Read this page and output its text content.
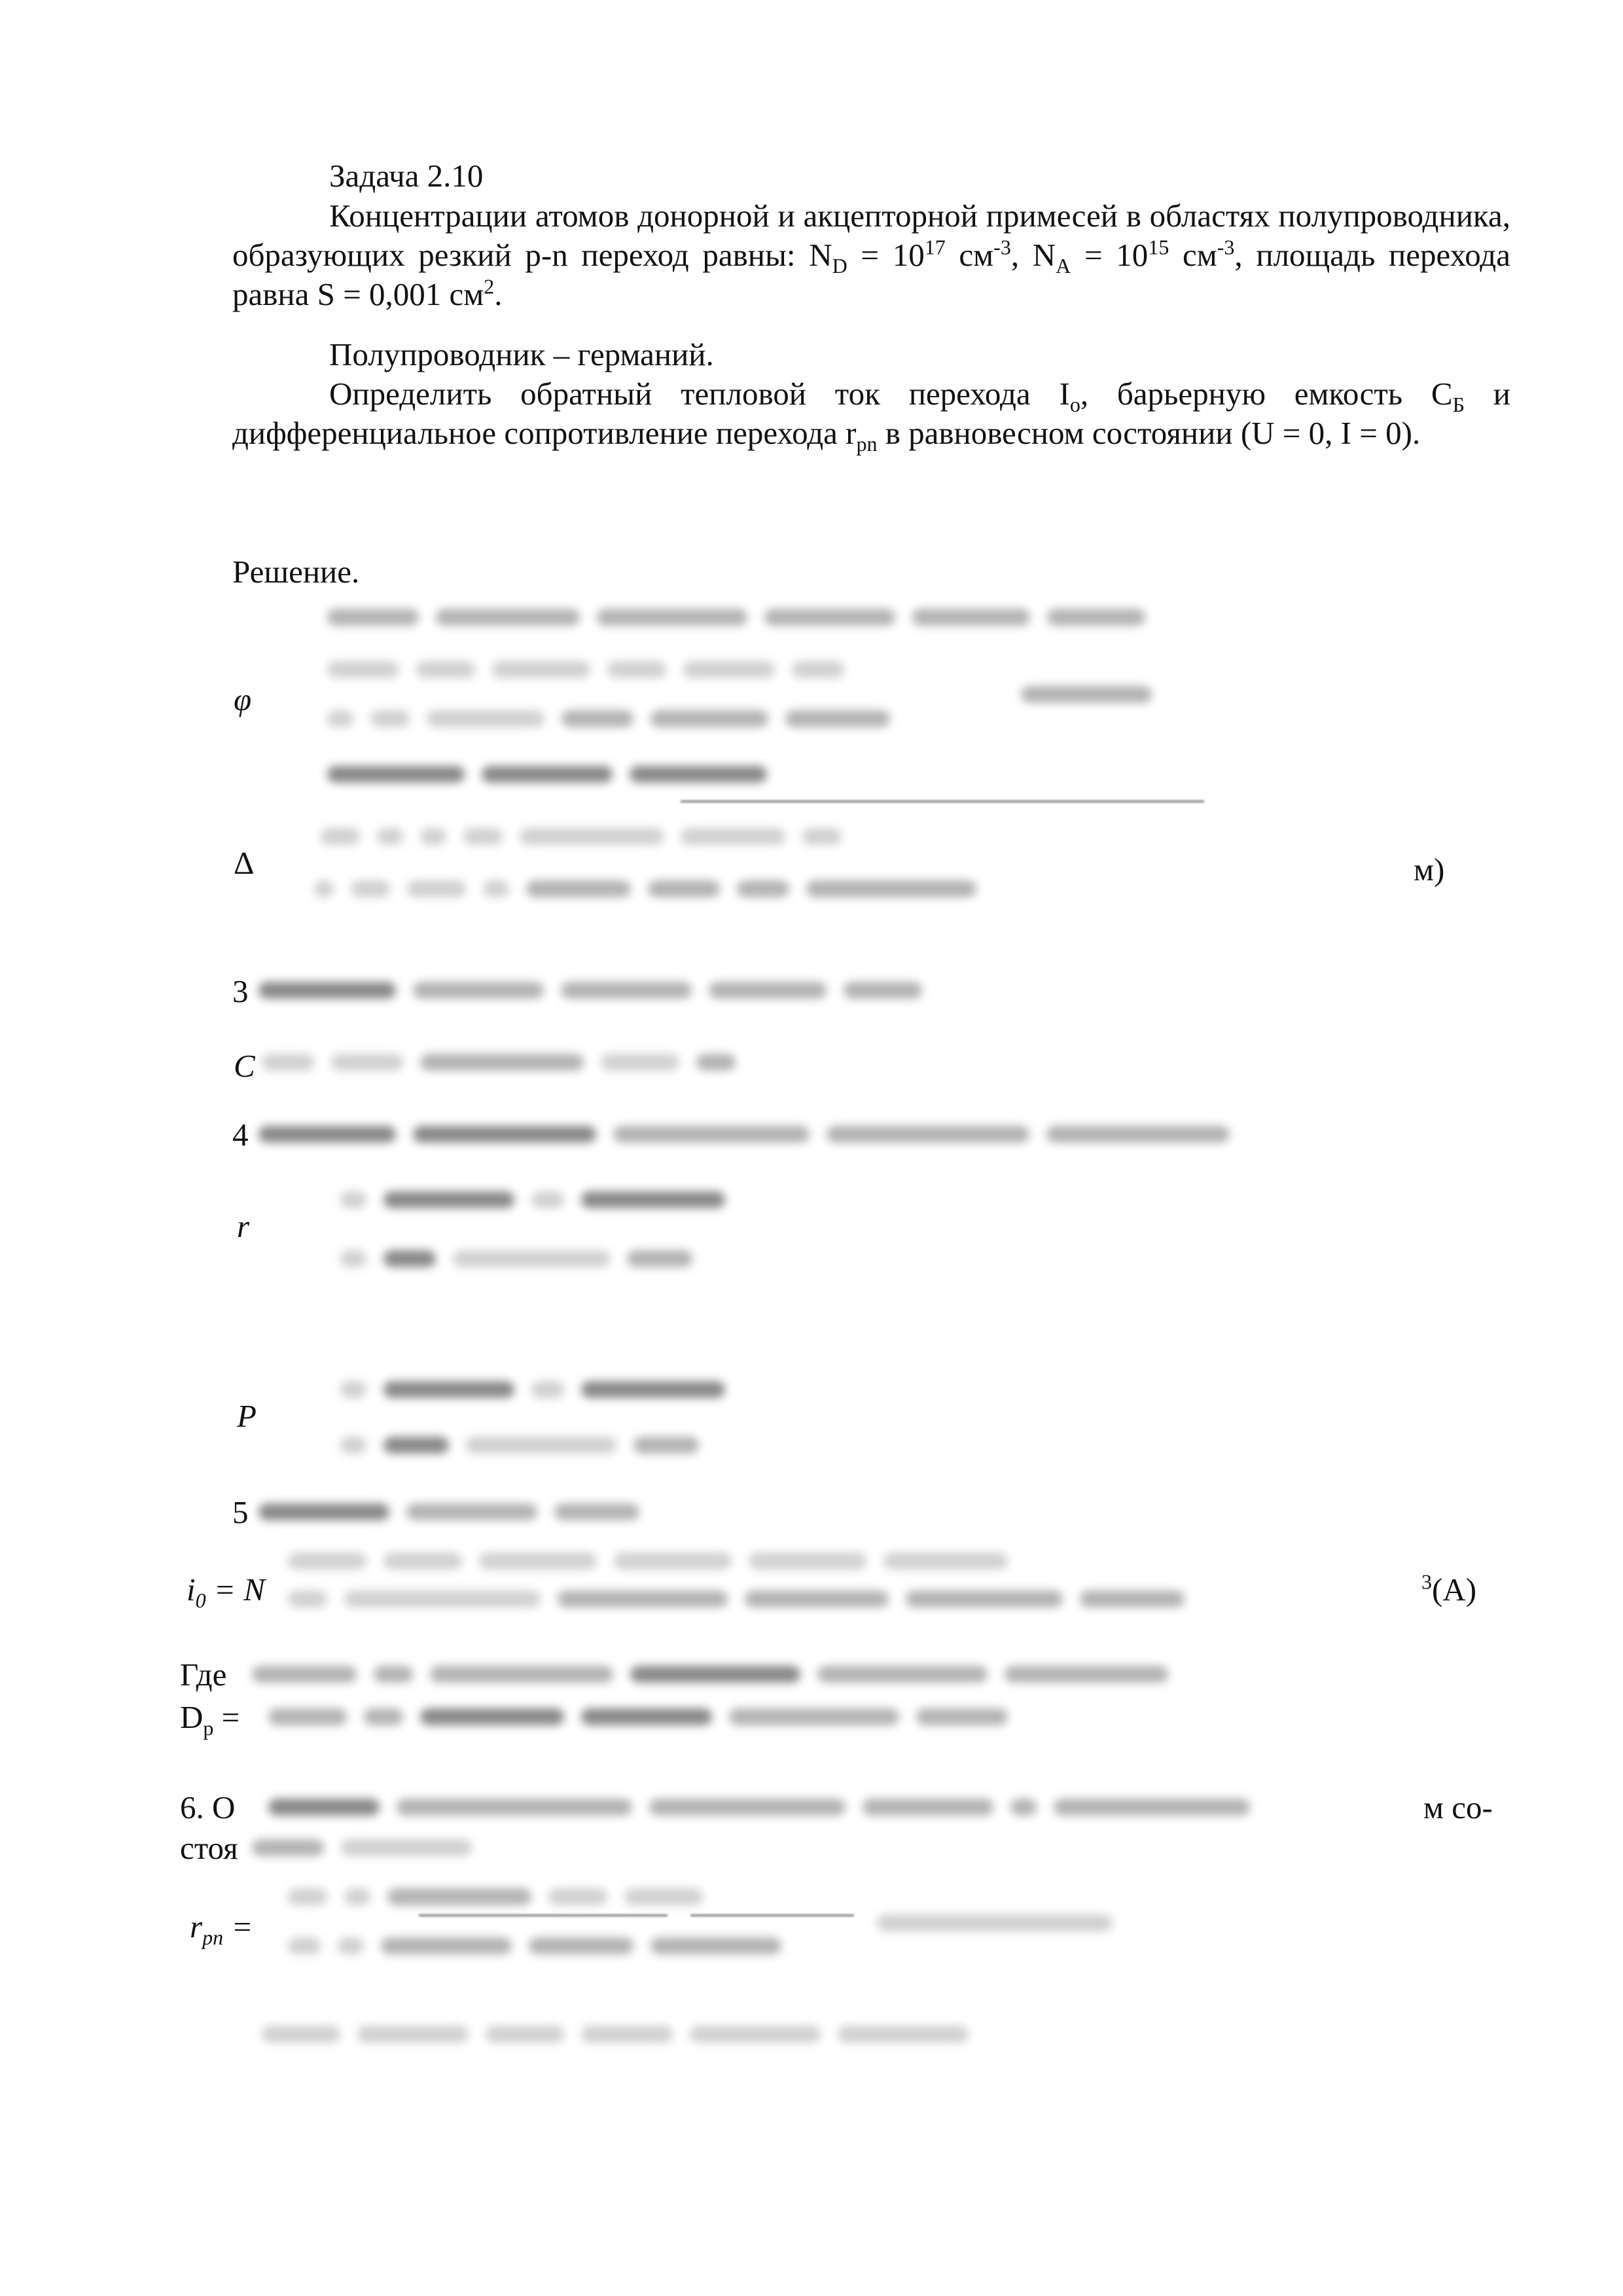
Задача 2.10
Концентрации атомов донорной и акцепторной примесей в областях полупроводника, образующих резкий p-n переход равны: $N_D = 10^{17}$ $см^{-3}$, $N_A = 10^{15}$ $см^{-3}$, площадь перехода равна S = 0,001 $см^2$.
Полупроводник – германий.
Определить обратный тепловой ток перехода $I_o$, барьерную емкость $C_Б$ и дифференциальное сопротивление перехода $r_{pn}$ в равновесном состоянии (U = 0, I = 0).
Решение.
φ
Δ	м)
3
C
4
r
P
5
$i_0 = N$	$^3$(A)
Где
$D_p$ =
6. О	м со-
стоя
$r_{pn}$ =
